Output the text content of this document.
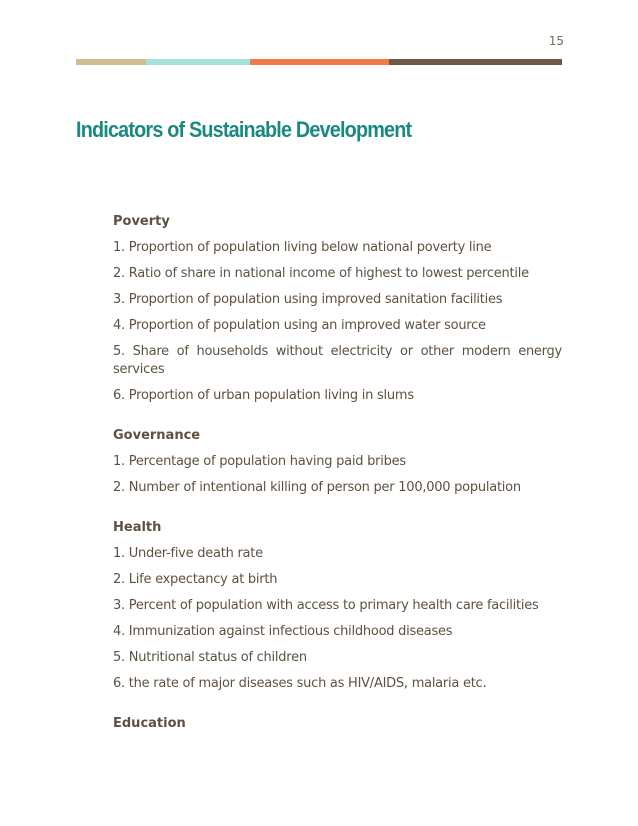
15
Indicators of Sustainable Development
Poverty
1. Proportion of population living below national poverty line
2. Ratio of share in national income of highest to lowest percentile
3. Proportion of population using improved sanitation facilities
4. Proportion of population using an improved water source
5. Share of households without electricity or other modern energy services
6. Proportion of urban population living in slums
Governance
1. Percentage of population having paid bribes
2. Number of intentional killing of person per 100,000 population
Health
1. Under-five death rate
2. Life expectancy at birth
3. Percent of population with access to primary health care facilities
4. Immunization against infectious childhood diseases
5. Nutritional status of children
6. the rate of major diseases such as HIV/AIDS, malaria etc.
Education
